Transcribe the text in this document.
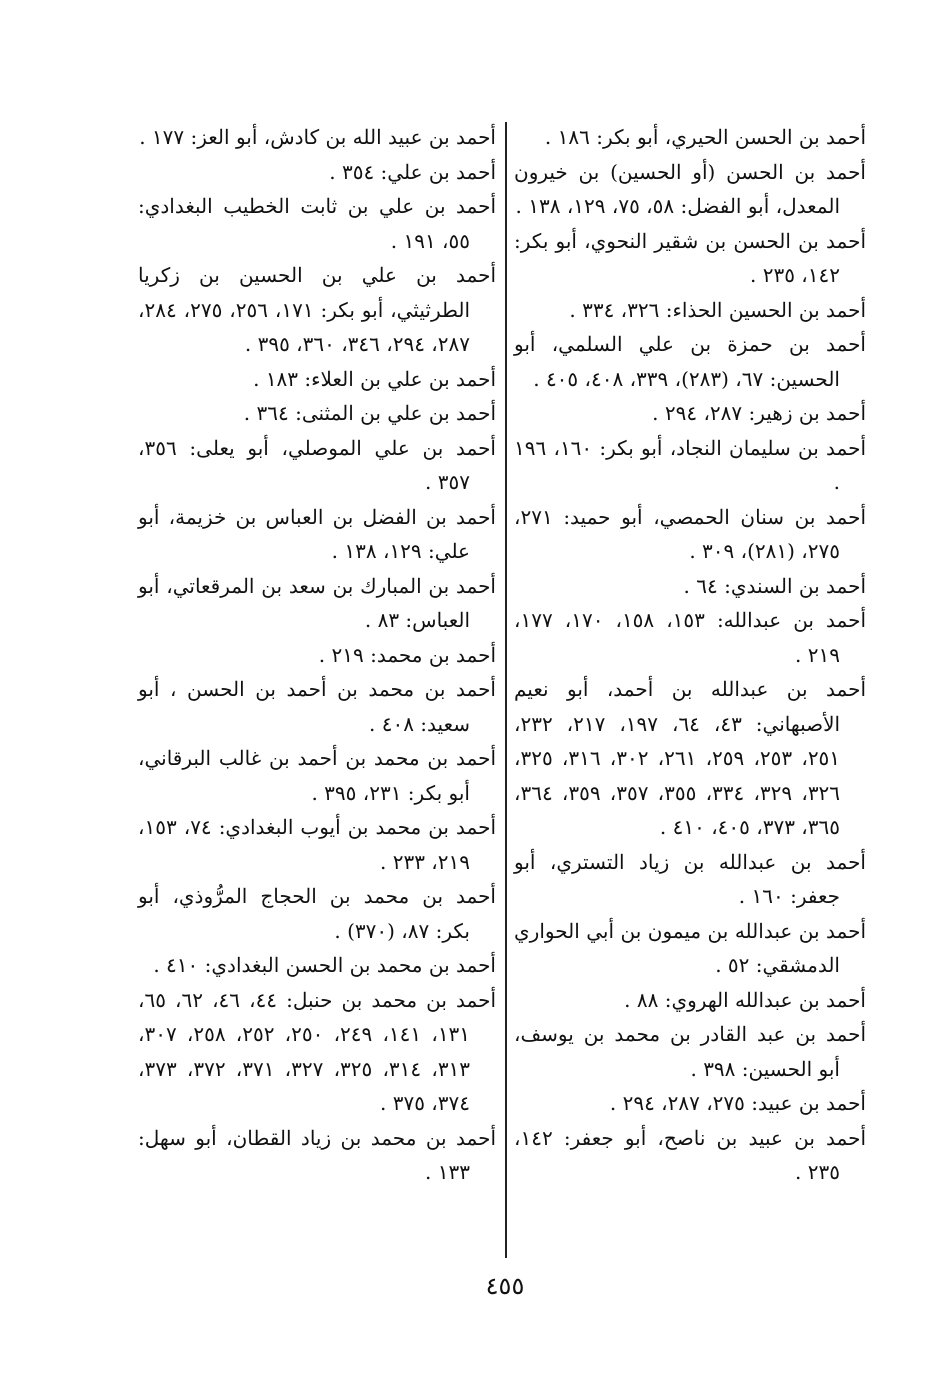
أحمد بن الحسن الحيري، أبو بكر: ١٨٦ .

أحمد بن الحسن (أو الحسين) بن خيرون المعدل، أبو الفضل: ٥٨، ٧٥، ١٢٩، ١٣٨ .

أحمد بن الحسن بن شقير النحوي، أبو بكر: ١٤٢، ٢٣٥ .

أحمد بن الحسين الحذاء: ٣٢٦، ٣٣٤ .

أحمد بن حمزة بن علي السلمي، أبو الحسين: ٦٧، (٢٨٣)، ٣٣٩، ٤٠٨، ٤٠٥ .

أحمد بن زهير: ٢٨٧، ٢٩٤ .

أحمد بن سليمان النجاد، أبو بكر: ١٦٠، ١٩٦ .

أحمد بن سنان الحمصي، أبو حميد: ٢٧١، ٢٧٥، (٢٨١)، ٣٠٩ .

أحمد بن السندي: ٦٤ .

أحمد بن عبدالله: ١٥٣، ١٥٨، ١٧٠، ١٧٧، ٢١٩ .

أحمد بن عبدالله بن أحمد، أبو نعيم الأصبهاني: ٤٣، ٦٤، ١٩٧، ٢١٧، ٢٣٢، ٢٥١، ٢٥٣، ٢٥٩، ٢٦١، ٣٠٢، ٣١٦، ٣٢٥، ٣٢٦، ٣٢٩، ٣٣٤، ٣٥٥، ٣٥٧، ٣٥٩، ٣٦٤، ٣٦٥، ٣٧٣، ٤٠٥، ٤١٠ .

أحمد بن عبدالله بن زياد التستري، أبو جعفر: ١٦٠ .

أحمد بن عبدالله بن ميمون بن أبي الحواري الدمشقي: ٥٢ .

أحمد بن عبدالله الهروي: ٨٨ .

أحمد بن عبد القادر بن محمد بن يوسف، أبو الحسين: ٣٩٨ .

أحمد بن عبيد: ٢٧٥، ٢٨٧، ٢٩٤ .

أحمد بن عبيد بن ناصح، أبو جعفر: ١٤٢، ٢٣٥ .

أحمد بن عبيد الله بن كادش، أبو العز: ١٧٧ .

أحمد بن علي: ٣٥٤ .

أحمد بن علي بن ثابت الخطيب البغدادي: ٥٥، ١٩١ .

أحمد بن علي بن الحسين بن زكريا الطرثيثي، أبو بكر: ١٧١، ٢٥٦، ٢٧٥، ٢٨٤، ٢٨٧، ٢٩٤، ٣٤٦، ٣٦٠، ٣٩٥ .

أحمد بن علي بن العلاء: ١٨٣ .

أحمد بن علي بن المثنى: ٣٦٤ .

أحمد بن علي الموصلي، أبو يعلى: ٣٥٦، ٣٥٧ .

أحمد بن الفضل بن العباس بن خزيمة، أبو علي: ١٢٩، ١٣٨ .

أحمد بن المبارك بن سعد بن المرقعاتي، أبو العباس: ٨٣ .

أحمد بن محمد: ٢١٩ .

أحمد بن محمد بن أحمد بن الحسن ، أبو سعيد: ٤٠٨ .

أحمد بن محمد بن أحمد بن غالب البرقاني، أبو بكر: ٢٣١، ٣٩٥ .

أحمد بن محمد بن أيوب البغدادي: ٧٤، ١٥٣، ٢١٩، ٢٣٣ .

أحمد بن محمد بن الحجاج المرُّوذي، أبو بكر: ٨٧، (٣٧٠) .

أحمد بن محمد بن الحسن البغدادي: ٤١٠ .

أحمد بن محمد بن حنبل: ٤٤، ٤٦، ٦٢، ٦٥، ١٣١، ١٤١، ٢٤٩، ٢٥٠، ٢٥٢، ٢٥٨، ٣٠٧، ٣١٣، ٣١٤، ٣٢٥، ٣٢٧، ٣٧١، ٣٧٢، ٣٧٣، ٣٧٤، ٣٧٥ .

أحمد بن محمد بن زياد القطان، أبو سهل: ١٣٣ .

٤٥٥
